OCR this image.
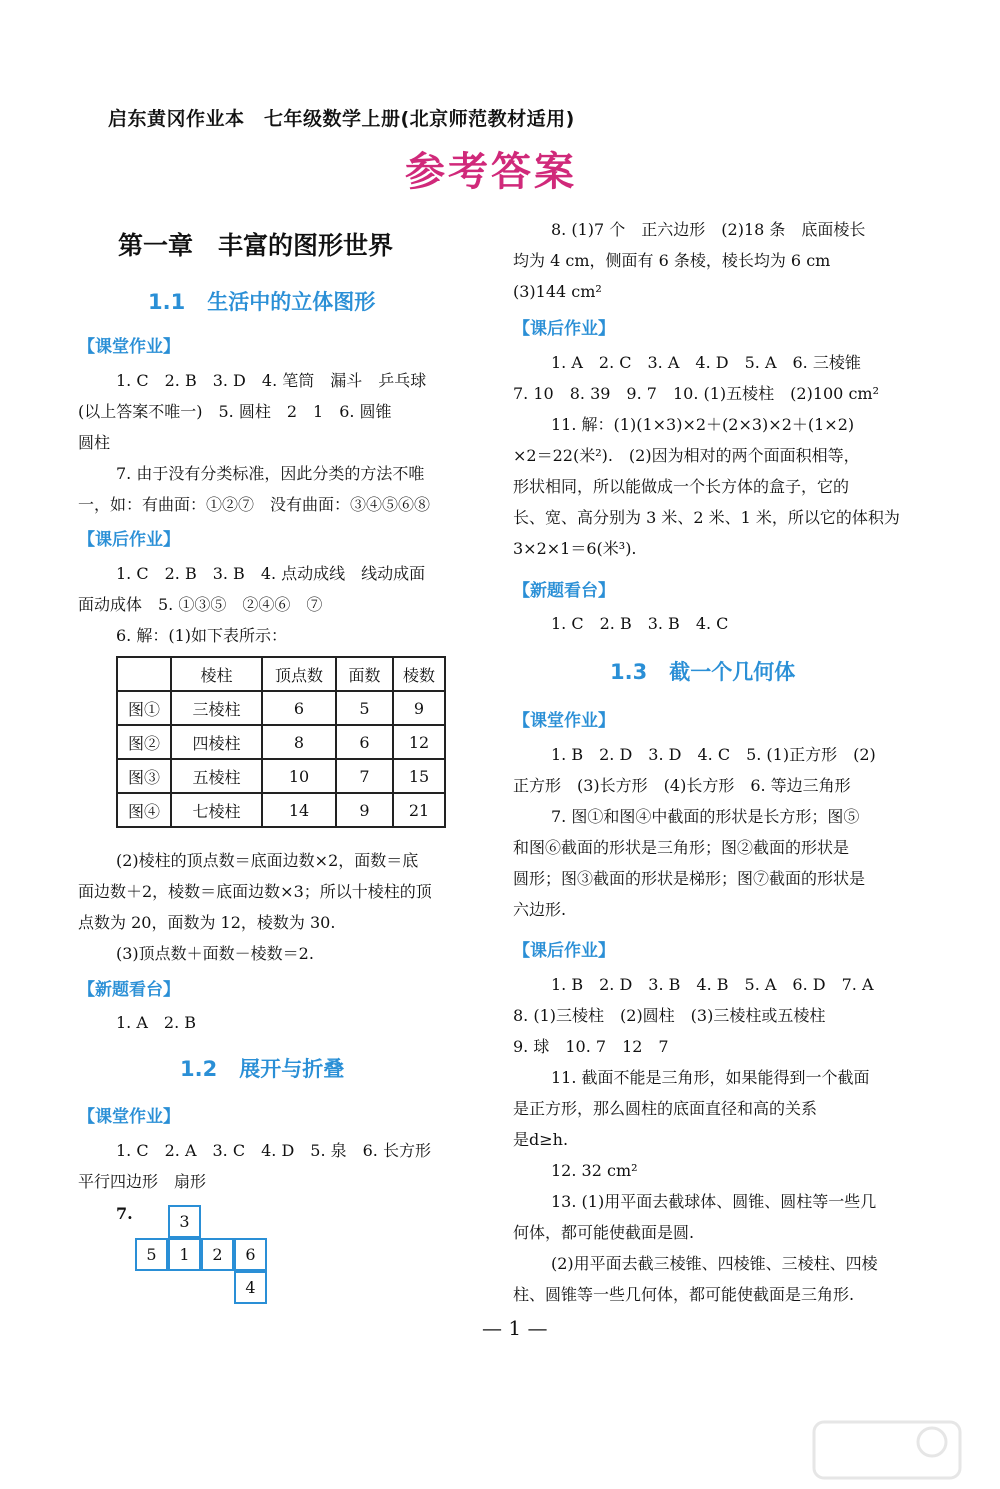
启东黄冈作业本　七年级数学上册(北京师范教材适用)
参考答案
第一章　丰富的图形世界
1.1 生活中的立体图形
【课堂作业】
1. C　2. B　3. D　4. 笔筒　漏斗　乒乓球
(以上答案不唯一)　5. 圆柱　2　1　6. 圆锥
圆柱
7. 由于没有分类标准，因此分类的方法不唯
一，如：有曲面：①②⑦　没有曲面：③④⑤⑥⑧
【课后作业】
1. C　2. B　3. B　4. 点动成线　线动成面
面动成体　5. ①③⑤　②④⑥　⑦
6. 解：(1)如下表所示：
	棱柱	顶点数	面数	棱数
图①	三棱柱	6	5	9
图②	四棱柱	8	6	12
图③	五棱柱	10	7	15
图④	七棱柱	14	9	21
(2)棱柱的顶点数＝底面边数×2，面数＝底
面边数＋2，棱数＝底面边数×3；所以十棱柱的顶
点数为 20，面数为 12，棱数为 30.
(3)顶点数＋面数－棱数＝2.
【新题看台】
1. A　2. B
1.2 展开与折叠
【课堂作业】
1. C　2. A　3. C　4. D　5. 泉　6. 长方形
平行四边形　扇形
7.	3
5	1	2	6
4
8. (1)7 个　正六边形　(2)18 条　底面棱长
均为 4 cm，侧面有 6 条棱，棱长均为 6 cm
(3)144 cm²
【课后作业】
1. A　2. C　3. A　4. D　5. A　6. 三棱锥
7. 10　8. 39　9. 7　10. (1)五棱柱　(2)100 cm²
11. 解：(1)(1×3)×2＋(2×3)×2＋(1×2)
×2＝22(米²).　(2)因为相对的两个面面积相等，
形状相同，所以能做成一个长方体的盒子，它的
长、宽、高分别为 3 米、2 米、1 米，所以它的体积为
3×2×1＝6(米³).
【新题看台】
1. C　2. B　3. B　4. C
1.3 截一个几何体
【课堂作业】
1. B　2. D　3. D　4. C　5. (1)正方形　(2)
正方形　(3)长方形　(4)长方形　6. 等边三角形
7. 图①和图④中截面的形状是长方形；图⑤
和图⑥截面的形状是三角形；图②截面的形状是
圆形；图③截面的形状是梯形；图⑦截面的形状是
六边形.
【课后作业】
1. B　2. D　3. B　4. B　5. A　6. D　7. A
8. (1)三棱柱　(2)圆柱　(3)三棱柱或五棱柱
9. 球　10. 7　12　7
11. 截面不能是三角形，如果能得到一个截面
是正方形，那么圆柱的底面直径和高的关系
是d≥h.
12. 32 cm²
13. (1)用平面去截球体、圆锥、圆柱等一些几
何体，都可能使截面是圆.
(2)用平面去截三棱锥、四棱锥、三棱柱、四棱
柱、圆锥等一些几何体，都可能使截面是三角形.
— 1 —
